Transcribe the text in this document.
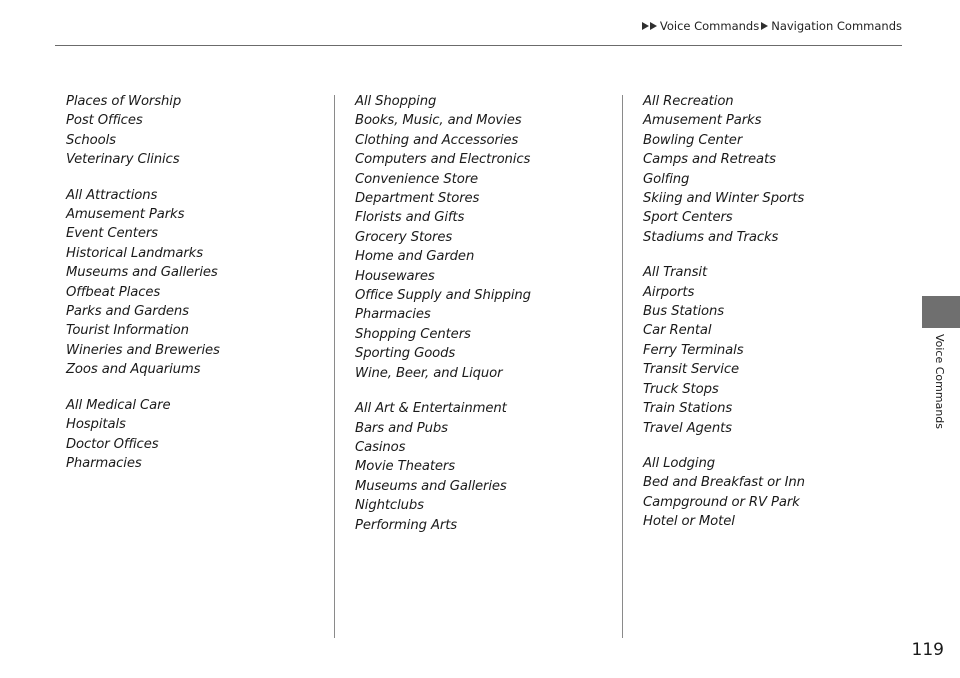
Voice Commands Navigation Commands
Places of Worship
Post Offices
Schools
Veterinary Clinics
All Attractions
Amusement Parks
Event Centers
Historical Landmarks
Museums and Galleries
Offbeat Places
Parks and Gardens
Tourist Information
Wineries and Breweries
Zoos and Aquariums
All Medical Care
Hospitals
Doctor Offices
Pharmacies
All Shopping
Books, Music, and Movies
Clothing and Accessories
Computers and Electronics
Convenience Store
Department Stores
Florists and Gifts
Grocery Stores
Home and Garden
Housewares
Office Supply and Shipping
Pharmacies
Shopping Centers
Sporting Goods
Wine, Beer, and Liquor
All Art & Entertainment
Bars and Pubs
Casinos
Movie Theaters
Museums and Galleries
Nightclubs
Performing Arts
All Recreation
Amusement Parks
Bowling Center
Camps and Retreats
Golfing
Skiing and Winter Sports
Sport Centers
Stadiums and Tracks
All Transit
Airports
Bus Stations
Car Rental
Ferry Terminals
Transit Service
Truck Stops
Train Stations
Travel Agents
All Lodging
Bed and Breakfast or Inn
Campground or RV Park
Hotel or Motel
Voice Commands
119
